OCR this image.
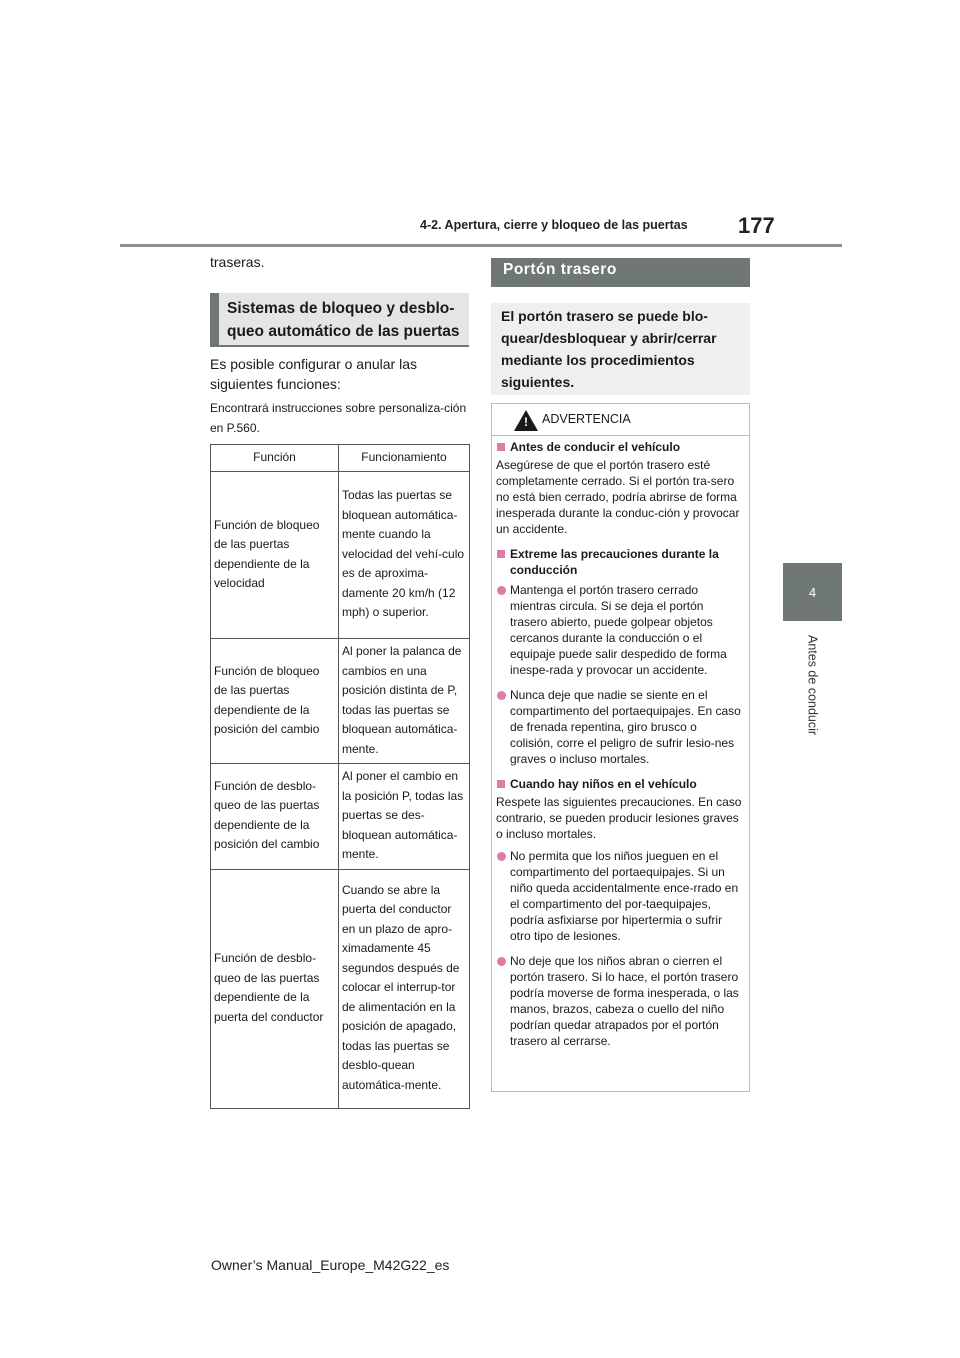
4-2. Apertura, cierre y bloqueo de las puertas 177
4
Antes de conducir
traseras.
Sistemas de bloqueo y desblo-queo automático de las puertas
Es posible configurar o anular las siguientes funciones:
Encontrará instrucciones sobre personaliza-ción en P.560.
Función	Funcionamiento
Función de bloqueo de las puertas dependiente de la velocidad	Todas las puertas se bloquean automática-mente cuando la velocidad del vehí-culo es de aproxima-damente 20 km/h (12 mph) o superior.
Función de bloqueo de las puertas dependiente de la posición del cambio	Al poner la palanca de cambios en una posición distinta de P, todas las puertas se bloquean automática-mente.
Función de desblo-queo de las puertas dependiente de la posición del cambio	Al poner el cambio en la posición P, todas las puertas se des-bloquean automática-mente.
Función de desblo-queo de las puertas dependiente de la puerta del conductor	Cuando se abre la puerta del conductor en un plazo de apro-ximadamente 45 segundos después de colocar el interrup-tor de alimentación en la posición de apagado, todas las puertas se desblo-quean automática-mente.
Portón trasero
El portón trasero se puede blo-quear/desbloquear y abrir/cerrar mediante los procedimientos siguientes.
! ADVERTENCIA
Antes de conducir el vehículo
Asegúrese de que el portón trasero esté completamente cerrado. Si el portón tra-sero no está bien cerrado, podría abrirse de forma inesperada durante la conduc-ción y provocar un accidente.
Extreme las precauciones durante la conducción
Mantenga el portón trasero cerrado mientras circula. Si se deja el portón trasero abierto, puede golpear objetos cercanos durante la conducción o el equipaje puede salir despedido de forma inespe-rada y provocar un accidente.
Nunca deje que nadie se siente en el compartimento del portaequipajes. En caso de frenada repentina, giro brusco o colisión, corre el peligro de sufrir lesio-nes graves o incluso mortales.
Cuando hay niños en el vehículo
Respete las siguientes precauciones. En caso contrario, se pueden producir lesiones graves o incluso mortales.
No permita que los niños jueguen en el compartimento del portaequipajes. Si un niño queda accidentalmente ence-rrado en el compartimento del por-taequipajes, podría asfixiarse por hipertermia o sufrir otro tipo de lesiones.
No deje que los niños abran o cierren el portón trasero. Si lo hace, el portón trasero podría moverse de forma inesperada, o las manos, brazos, cabeza o cuello del niño podrían quedar atrapados por el portón trasero al cerrarse.
Owner’s Manual_Europe_M42G22_es
